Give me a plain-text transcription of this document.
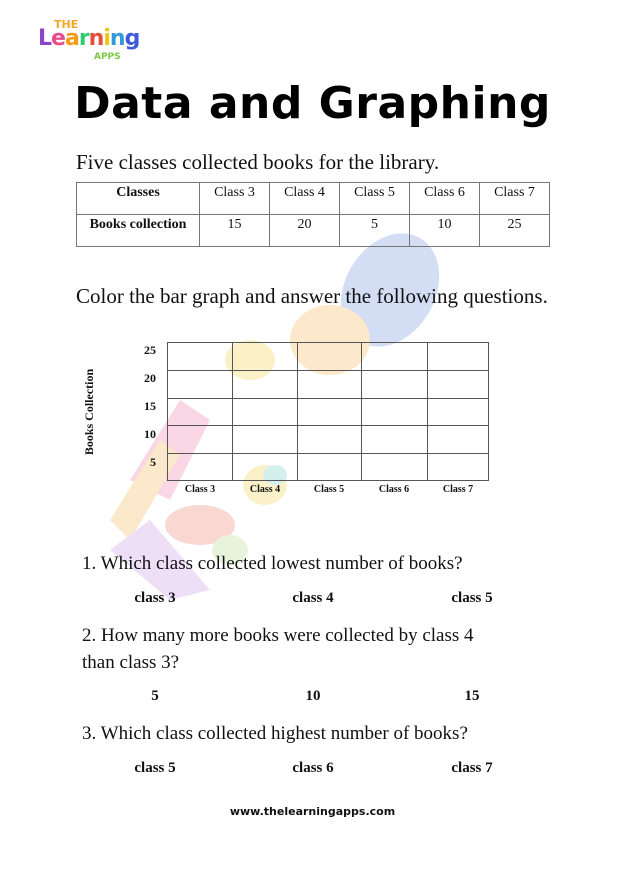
THE
Learning
APPS
Data and Graphing
Five classes collected books for the library.
Classes	Class 3	Class 4	Class 5	Class 6	Class 7
Books collection	15	20	5	10	25
Color the bar graph and answer the following questions.
Books Collection
25
20
15
10
5
Class 3	Class 4	Class 5	Class 6	Class 7
1. Which class collected lowest number of books?
class 3	class 4	class 5
2. How many more books were collected by class 4
than class 3?
5	10	15
3. Which class collected highest number of books?
class 5	class 6	class 7
www.thelearningapps.com
